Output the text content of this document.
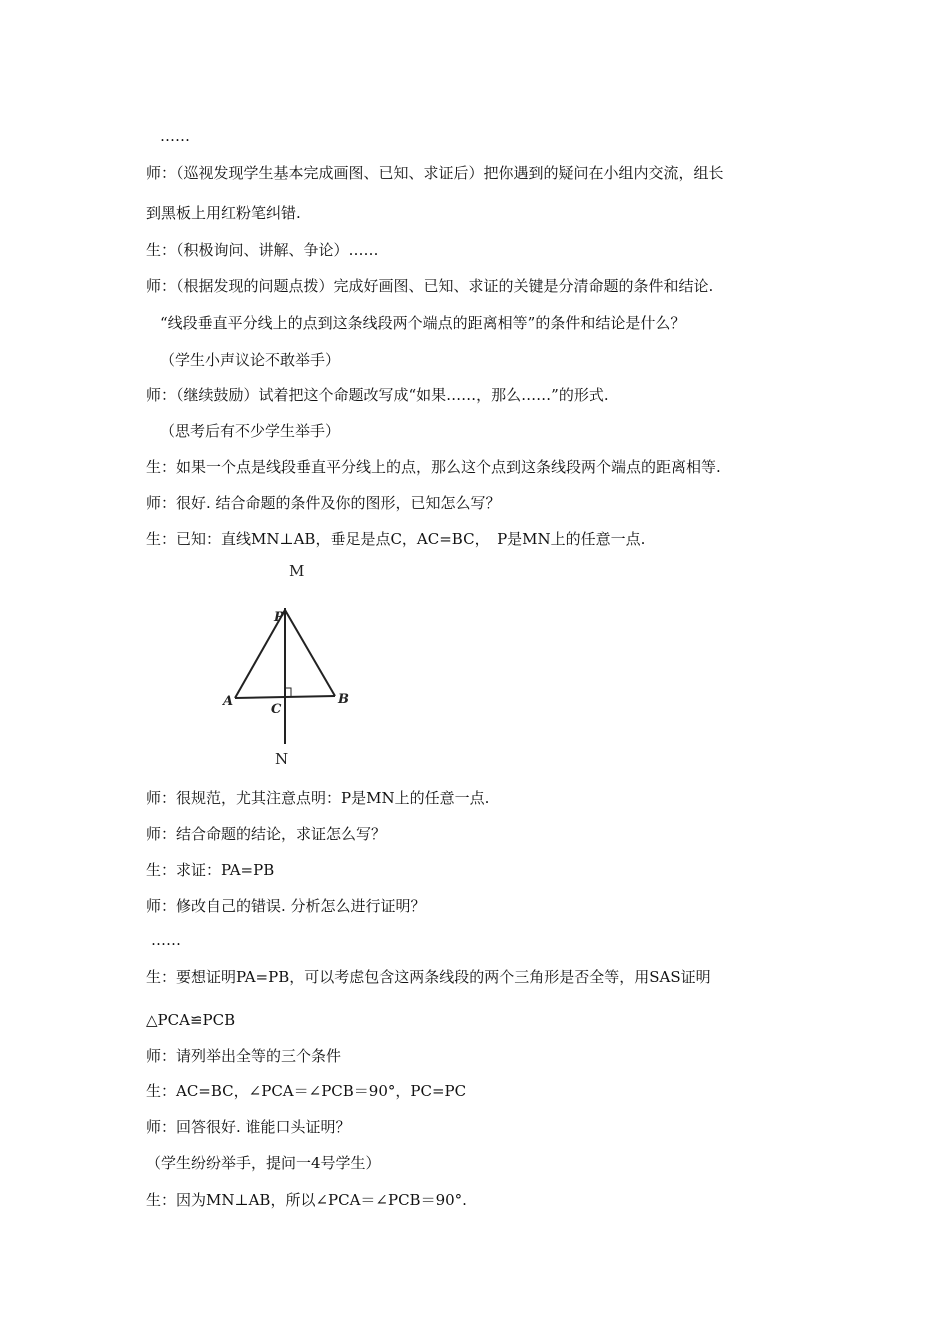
……
师：（巡视发现学生基本完成画图、已知、求证后）把你遇到的疑问在小组内交流，组长
到黑板上用红粉笔纠错.
生：（积极询问、讲解、争论）……
师：（根据发现的问题点拨）完成好画图、已知、求证的关键是分清命题的条件和结论.
“线段垂直平分线上的点到这条线段两个端点的距离相等”的条件和结论是什么？
（学生小声议论不敢举手）
师：（继续鼓励）试着把这个命题改写成“如果……，那么……”的形式.
（思考后有不少学生举手）
生：如果一个点是线段垂直平分线上的点，那么这个点到这条线段两个端点的距离相等.
师：很好. 结合命题的条件及你的图形，已知怎么写？
生：已知：直线MN⊥AB，垂足是点C，AC=BC，　P是MN上的任意一点.
M
P
A	B
C
N
师：很规范，尤其注意点明：P是MN上的任意一点.
师：结合命题的结论，求证怎么写？
生：求证：PA=PB
师：修改自己的错误. 分析怎么进行证明？
……
生：要想证明PA=PB，可以考虑包含这两条线段的两个三角形是否全等，用SAS证明
△PCA≌PCB
师：请列举出全等的三个条件
生：AC=BC，∠PCA＝∠PCB＝90°，PC=PC
师：回答很好. 谁能口头证明？
（学生纷纷举手，提问一4号学生）
生：因为MN⊥AB，所以∠PCA＝∠PCB＝90°.
